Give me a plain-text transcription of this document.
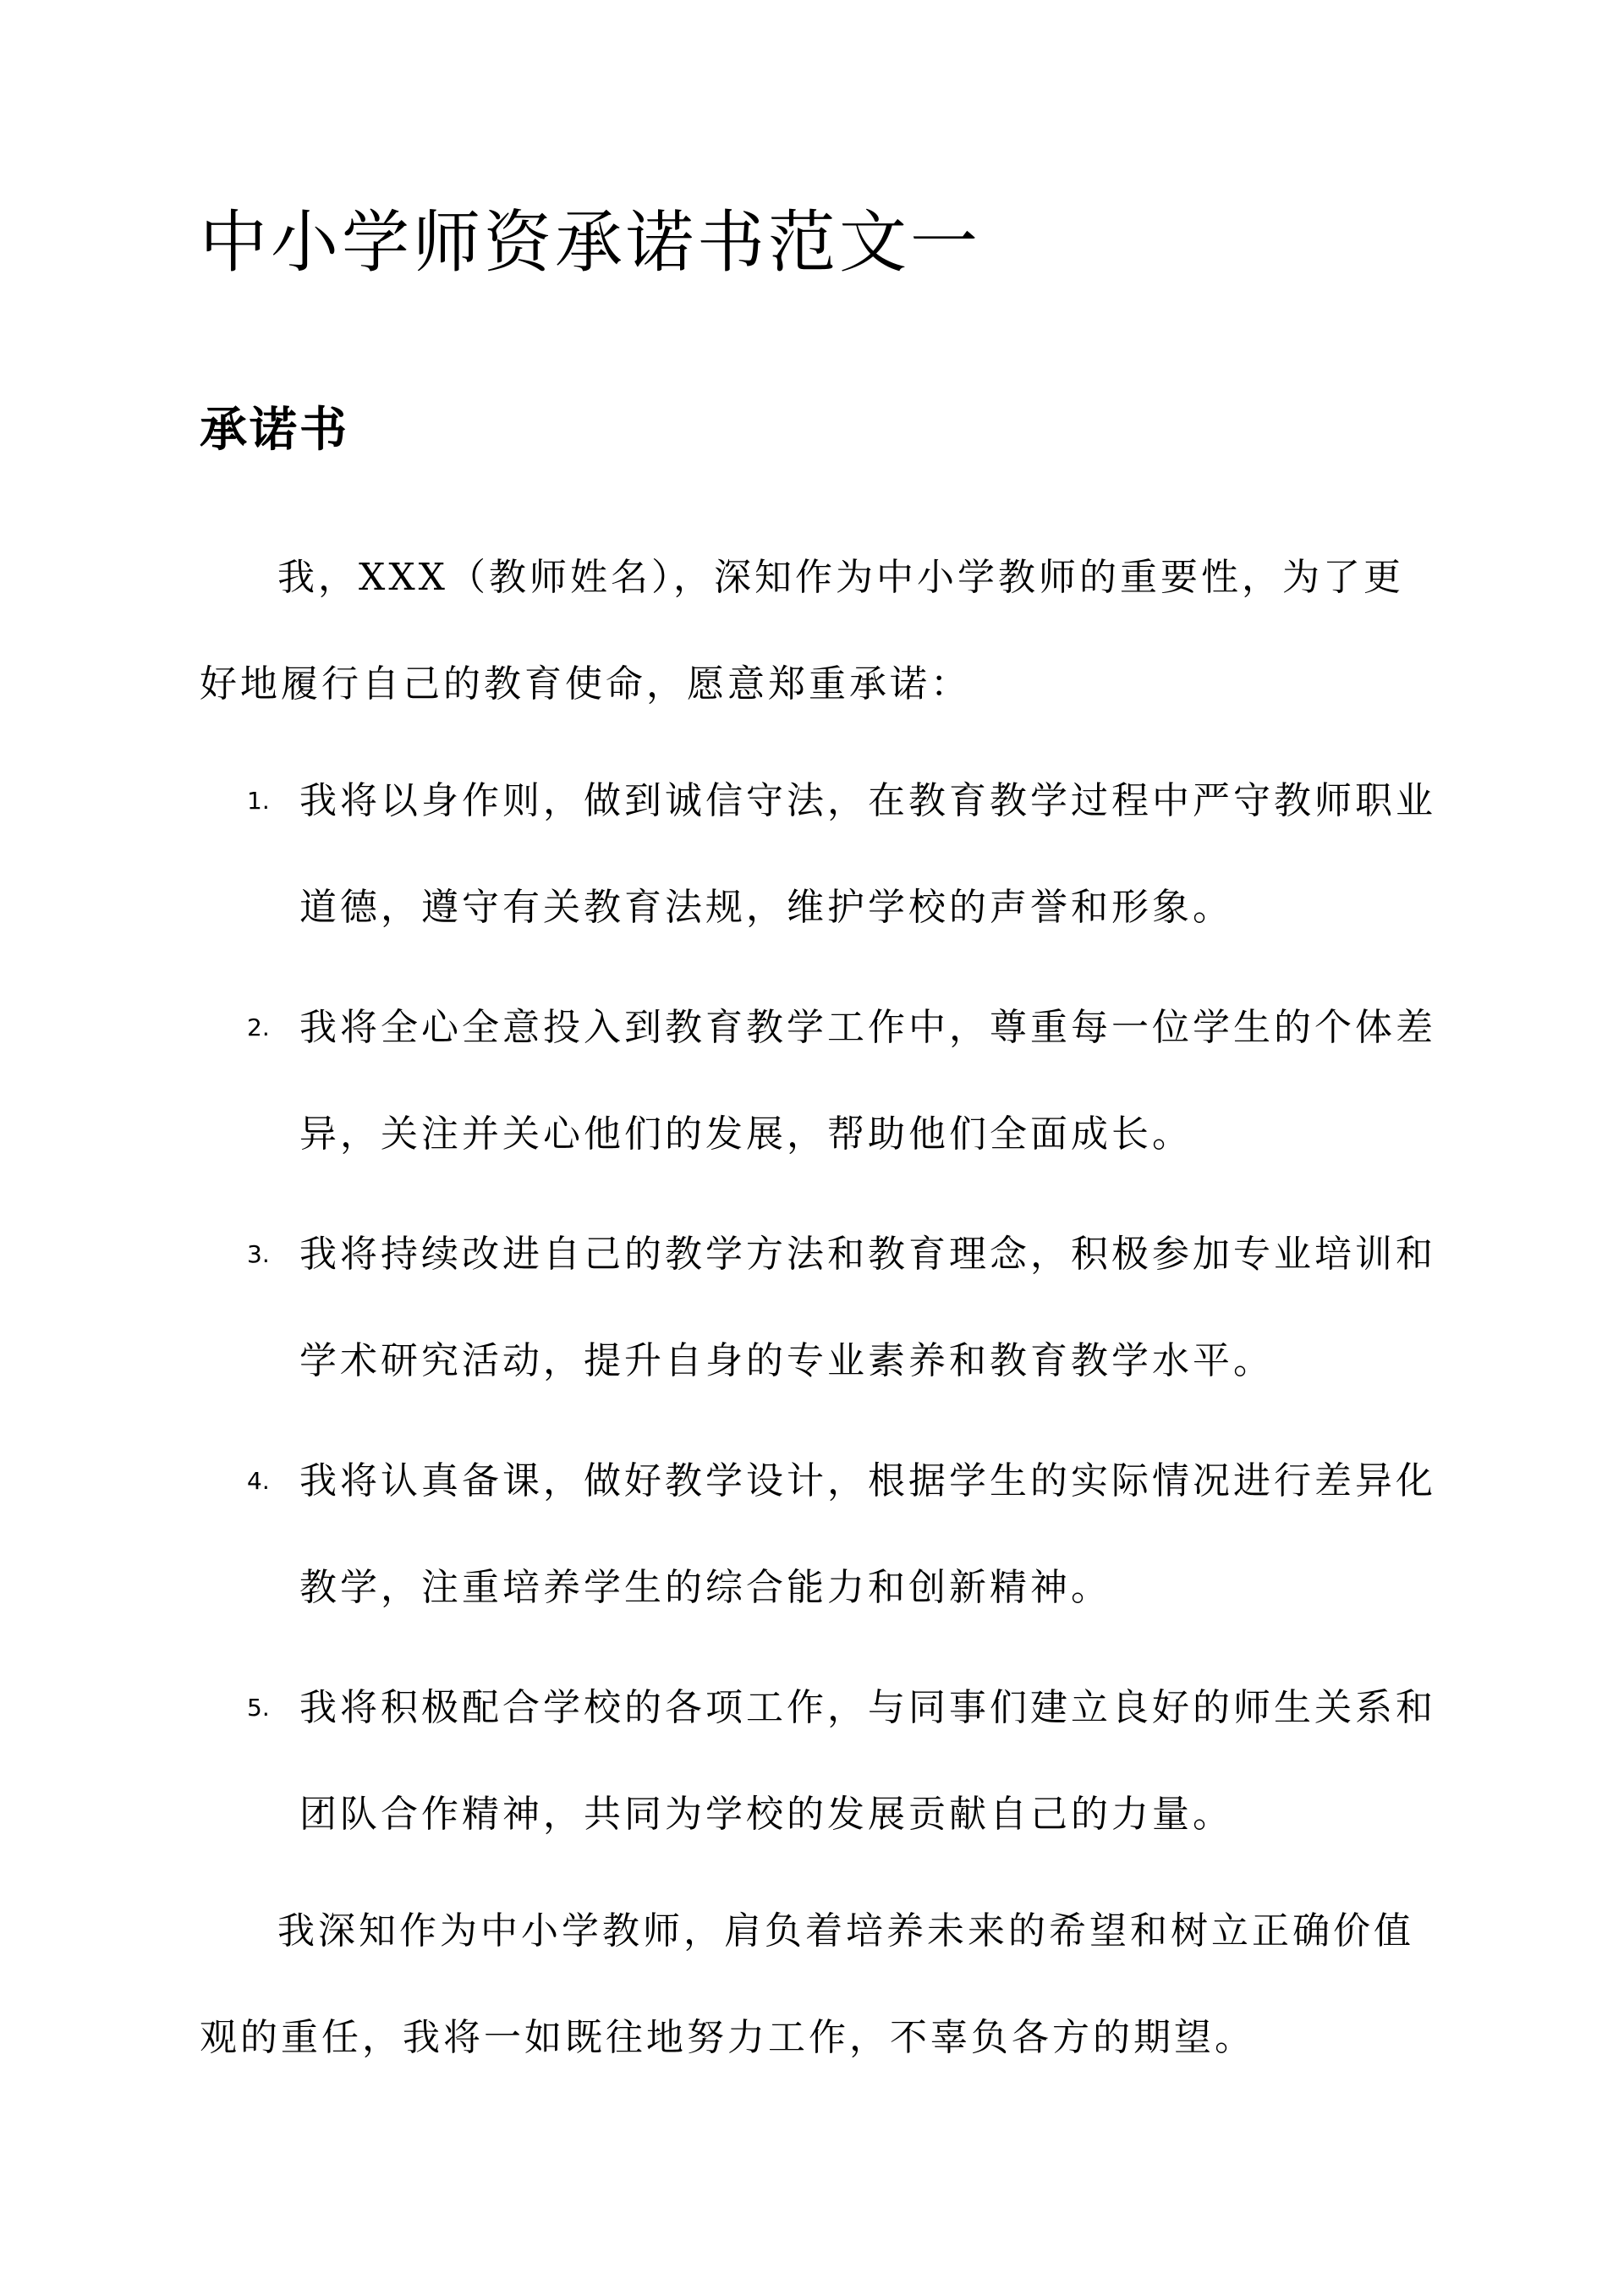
中小学师资承诺书范文一
承诺书

我，XXX（教师姓名），深知作为中小学教师的重要性，为了更好地履行自己的教育使命，愿意郑重承诺：

1. 我将以身作则，做到诚信守法，在教育教学过程中严守教师职业道德，遵守有关教育法规，维护学校的声誉和形象。
2. 我将全心全意投入到教育教学工作中，尊重每一位学生的个体差异，关注并关心他们的发展，帮助他们全面成长。
3. 我将持续改进自己的教学方法和教育理念，积极参加专业培训和学术研究活动，提升自身的专业素养和教育教学水平。
4. 我将认真备课，做好教学设计，根据学生的实际情况进行差异化教学，注重培养学生的综合能力和创新精神。
5. 我将积极配合学校的各项工作，与同事们建立良好的师生关系和团队合作精神，共同为学校的发展贡献自己的力量。

我深知作为中小学教师，肩负着培养未来的希望和树立正确价值观的重任，我将一如既往地努力工作，不辜负各方的期望。
